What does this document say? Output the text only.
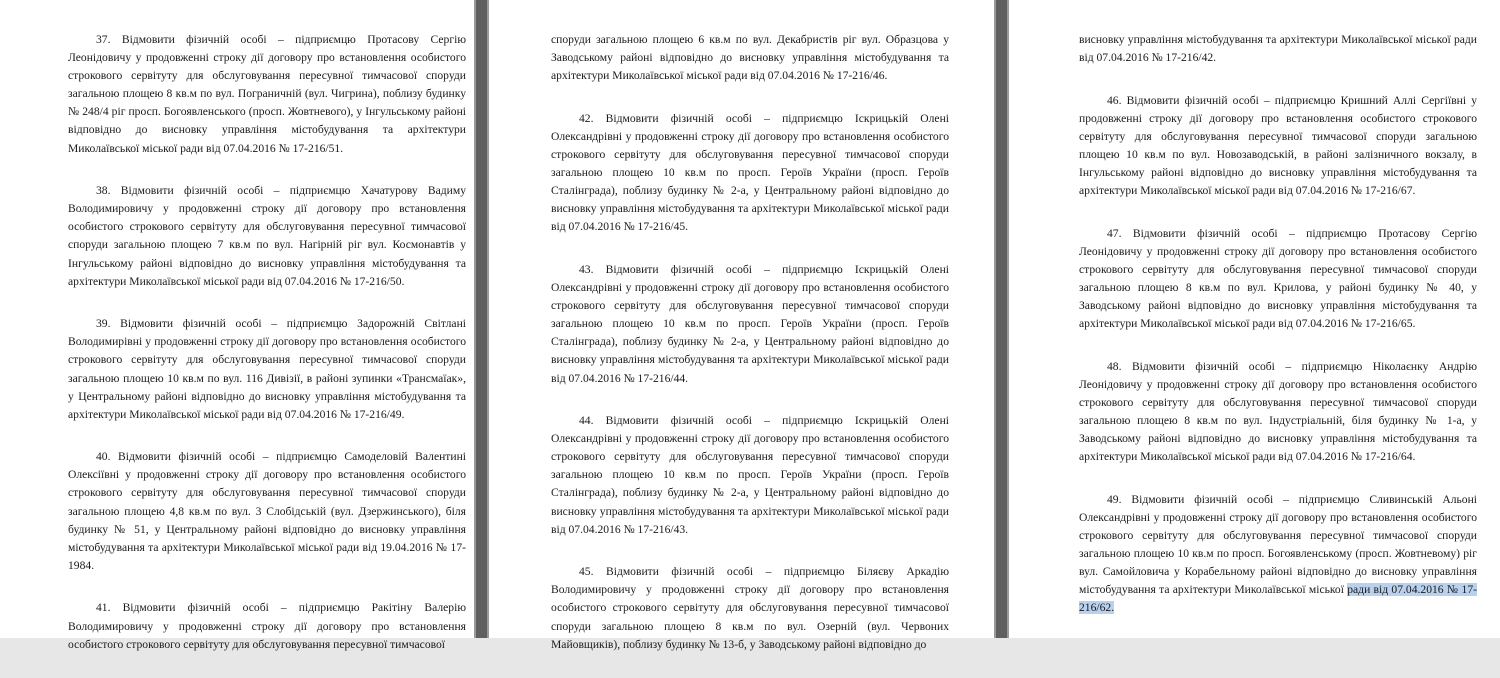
37. Відмовити фізичній особі – підприємцю Протасову Сергію Леонідовичу у продовженні строку дії договору про встановлення особистого строкового сервітуту для обслуговування пересувної тимчасової споруди загальною площею 8 кв.м по вул. Пограничній (вул. Чигрина), поблизу будинку № 248/4 ріг просп. Богоявленського (просп. Жовтневого), у Інгульському районі відповідно до висновку управління містобудування та архітектури Миколаївської міської ради від 07.04.2016 № 17-216/51.

38. Відмовити фізичній особі – підприємцю Хачатурову Вадиму Володимировичу у продовженні строку дії договору про встановлення особистого строкового сервітуту для обслуговування пересувної тимчасової споруди загальною площею 7 кв.м по вул. Нагірній ріг вул. Космонавтів у Інгульському районі відповідно до висновку управління містобудування та архітектури Миколаївської міської ради від 07.04.2016 № 17-216/50.

39. Відмовити фізичній особі – підприємцю Задорожній Світлані Володимирівні у продовженні строку дії договору про встановлення особистого строкового сервітуту для обслуговування пересувної тимчасової споруди загальною площею 10 кв.м по вул. 116 Дивізії, в районі зупинки «Трансмаїак», у Центральному районі відповідно до висновку управління містобудування та архітектури Миколаївської міської ради від 07.04.2016 № 17-216/49.

40. Відмовити фізичній особі – підприємцю Самоделовій Валентині Олексіївні у продовженні строку дії договору про встановлення особистого строкового сервітуту для обслуговування пересувної тимчасової споруди загальною площею 4,8 кв.м по вул. 3 Слобідській (вул. Дзержинського), біля будинку № 51, у Центральному районі відповідно до висновку управління містобудування та архітектури Миколаївської міської ради від 19.04.2016 № 17-1984.

41. Відмовити фізичній особі – підприємцю Ракітіну Валерію Володимировичу у продовженні строку дії договору про встановлення особистого строкового сервітуту для обслуговування пересувної тимчасової

споруди загальною площею 6 кв.м по вул. Декабристів ріг вул. Образцова у Заводському районі відповідно до висновку управління містобудування та архітектури Миколаївської міської ради від 07.04.2016 № 17-216/46.

42. Відмовити фізичній особі – підприємцю Іскрицькій Олені Олександрівні у продовженні строку дії договору про встановлення особистого строкового сервітуту для обслуговування пересувної тимчасової споруди загальною площею 10 кв.м по просп. Героїв України (просп. Героїв Сталінграда), поблизу будинку № 2-а, у Центральному районі відповідно до висновку управління містобудування та архітектури Миколаївської міської ради від 07.04.2016 № 17-216/45.

43. Відмовити фізичній особі – підприємцю Іскрицькій Олені Олександрівні у продовженні строку дії договору про встановлення особистого строкового сервітуту для обслуговування пересувної тимчасової споруди загальною площею 10 кв.м по просп. Героїв України (просп. Героїв Сталінграда), поблизу будинку № 2-а, у Центральному районі відповідно до висновку управління містобудування та архітектури Миколаївської міської ради від 07.04.2016 № 17-216/44.

44. Відмовити фізичній особі – підприємцю Іскрицькій Олені Олександрівні у продовженні строку дії договору про встановлення особистого строкового сервітуту для обслуговування пересувної тимчасової споруди загальною площею 10 кв.м по просп. Героїв України (просп. Героїв Сталінграда), поблизу будинку № 2-а, у Центральному районі відповідно до висновку управління містобудування та архітектури Миколаївської міської ради від 07.04.2016 № 17-216/43.

45. Відмовити фізичній особі – підприємцю Біляєву Аркадію Володимировичу у продовженні строку дії договору про встановлення особистого строкового сервітуту для обслуговування пересувної тимчасової споруди загальною площею 8 кв.м по вул. Озерній (вул. Червоних Майовщиків), поблизу будинку № 13-б, у Заводському районі відповідно до

висновку управління містобудування та архітектури Миколаївської міської ради від 07.04.2016 № 17-216/42.

46. Відмовити фізичній особі – підприємцю Кришний Аллі Сергіївні у продовженні строку дії договору про встановлення особистого строкового сервітуту для обслуговування пересувної тимчасової споруди загальною площею 10 кв.м по вул. Новозаводській, в районі залізничного вокзалу, в Інгульському районі відповідно до висновку управління містобудування та архітектури Миколаївської міської ради від 07.04.2016 № 17-216/67.

47. Відмовити фізичній особі – підприємцю Протасову Сергію Леонідовичу у продовженні строку дії договору про встановлення особистого строкового сервітуту для обслуговування пересувної тимчасової споруди загальною площею 8 кв.м по вул. Крилова, у районі будинку № 40, у Заводському районі відповідно до висновку управління містобудування та архітектури Миколаївської міської ради від 07.04.2016 № 17-216/65.

48. Відмовити фізичній особі – підприємцю Ніколаєнку Андрію Леонідовичу у продовженні строку дії договору про встановлення особистого строкового сервітуту для обслуговування пересувної тимчасової споруди загальною площею 8 кв.м по вул. Індустріальній, біля будинку № 1-а, у Заводському районі відповідно до висновку управління містобудування та архітектури Миколаївської міської ради від 07.04.2016 № 17-216/64.

49. Відмовити фізичній особі – підприємцю Сливинській Альоні Олександрівні у продовженні строку дії договору про встановлення особистого строкового сервітуту для обслуговування пересувної тимчасової споруди загальною площею 10 кв.м по просп. Богоявленському (просп. Жовтневому) ріг вул. Самойловича у Корабельному районі відповідно до висновку управління містобудування та архітектури Миколаївської міської ради від 07.04.2016 № 17-216/62.
